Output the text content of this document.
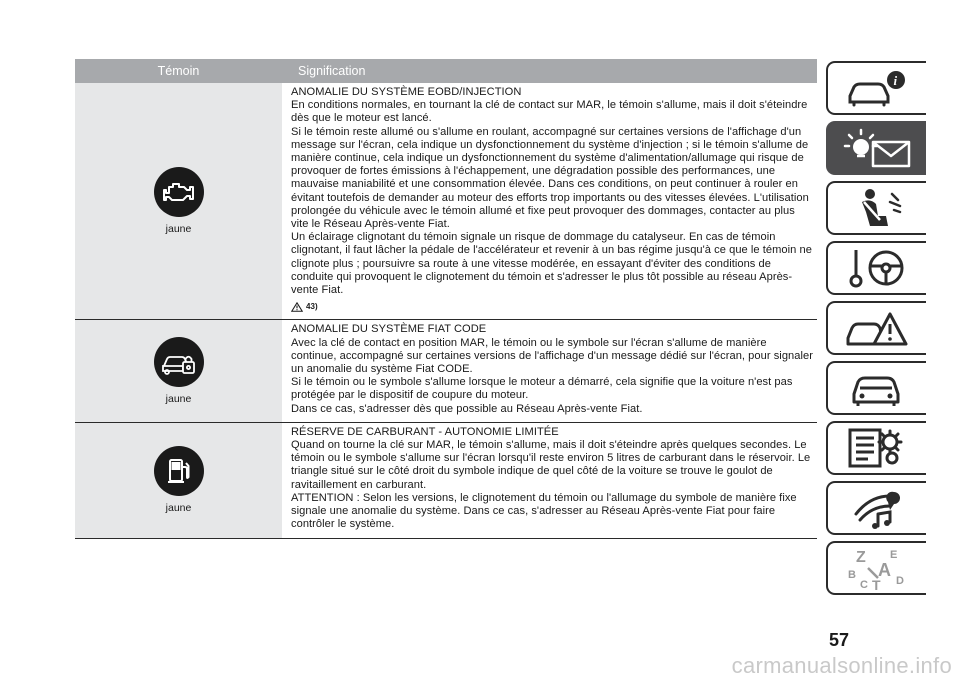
Témoin	Signification
jaune

ANOMALIE DU SYSTÈME EOBD/INJECTION

En conditions normales, en tournant la clé de contact sur MAR, le témoin s'allume, mais il doit s'éteindre dès que le moteur est lancé.

Si le témoin reste allumé ou s'allume en roulant, accompagné sur certaines versions de l'affichage d'un message sur l'écran, cela indique un dysfonctionnement du système d'injection ; si le témoin s'allume de manière continue, cela indique un dysfonctionnement du système d'alimentation/allumage qui risque de provoquer de fortes émissions à l'échappement, une dégradation possible des performances, une mauvaise maniabilité et une consommation élevée. Dans ces conditions, on peut continuer à rouler en évitant toutefois de demander au moteur des efforts trop importants ou des vitesses élevées. L'utilisation prolongée du véhicule avec le témoin allumé et fixe peut provoquer des dommages, contacter au plus vite le Réseau Après-vente Fiat.

Un éclairage clignotant du témoin signale un risque de dommage du catalyseur. En cas de témoin clignotant, il faut lâcher la pédale de l'accélérateur et revenir à un bas régime jusqu'à ce que le témoin ne clignote plus ; poursuivre sa route à une vitesse modérée, en essayant d'éviter des conditions de conduite qui provoquent le clignotement du témoin et s'adresser le plus tôt possible au réseau Après-vente Fiat.

43)
jaune

ANOMALIE DU SYSTÈME FIAT CODE

Avec la clé de contact en position MAR, le témoin ou le symbole sur l'écran s'allume de manière continue, accompagné sur certaines versions de l'affichage d'un message dédié sur l'écran, pour signaler un anomalie du système Fiat CODE.

Si le témoin ou le symbole s'allume lorsque le moteur a démarré, cela signifie que la voiture n'est pas protégée par le dispositif de coupure du moteur.

Dans ce cas, s'adresser dès que possible au Réseau Après-vente Fiat.

jaune

RÉSERVE DE CARBURANT - AUTONOMIE LIMITÉE

Quand on tourne la clé sur MAR, le témoin s'allume, mais il doit s'éteindre après quelques secondes. Le témoin ou le symbole s'allume sur l'écran lorsqu'il reste environ 5 litres de carburant dans le réservoir. Le triangle situé sur le côté droit du symbole indique de quel côté de la voiture se trouve le goulot de ravitaillement en carburant.

ATTENTION : Selon les versions, le clignotement du témoin ou l'allumage du symbole de manière fixe signale une anomalie du système. Dans ce cas, s'adresser au Réseau Après-vente Fiat pour faire contrôler le système.

i
Z E
B A
C T D
57
carmanualsonline.info
